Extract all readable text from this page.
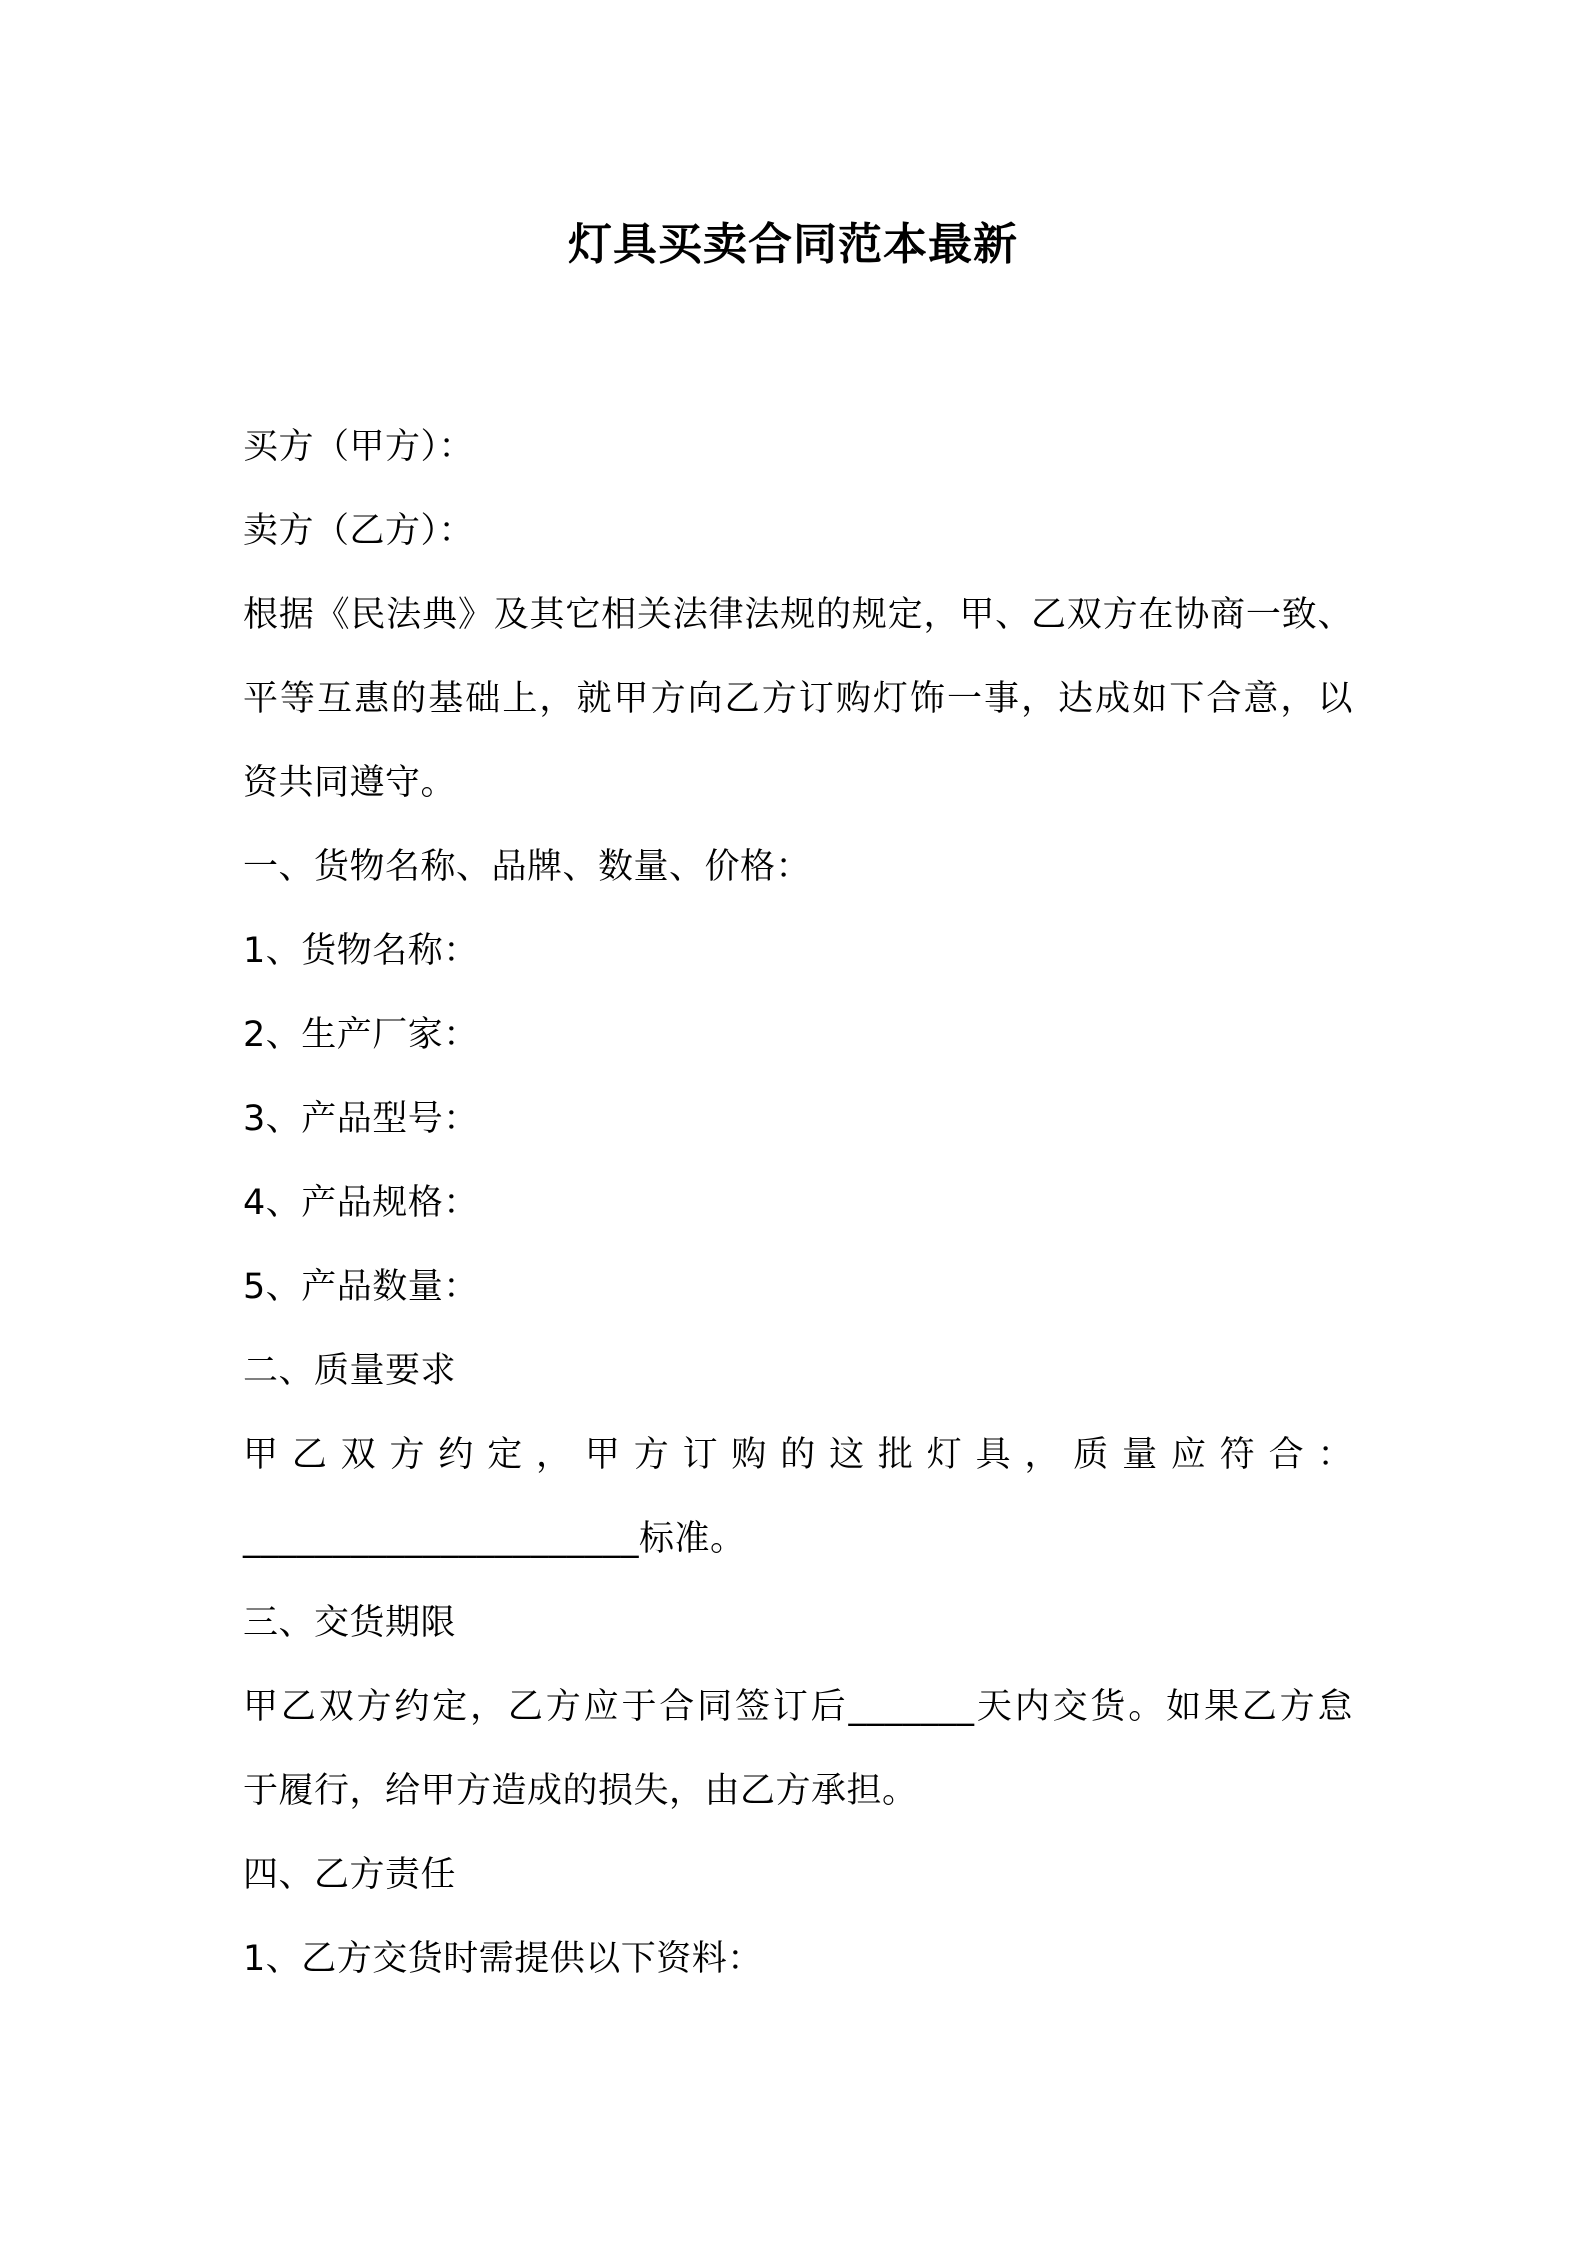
灯具买卖合同范本最新
买方（甲方）：
卖方（乙方）：
根据《民法典》及其它相关法律法规的规定，甲、乙双方在协商一致、
平等互惠的基础上，就甲方向乙方订购灯饰一事，达成如下合意，以
资共同遵守。
一、货物名称、品牌、数量、价格：
1、货物名称：
2、生产厂家：
3、产品型号：
4、产品规格：
5、产品数量：
二、质量要求
甲乙双方约定，甲方订购的这批灯具，质量应符合：
______________________标准。
三、交货期限
甲乙双方约定，乙方应于合同签订后_______天内交货。如果乙方怠
于履行，给甲方造成的损失，由乙方承担。
四、乙方责任
1、乙方交货时需提供以下资料：
